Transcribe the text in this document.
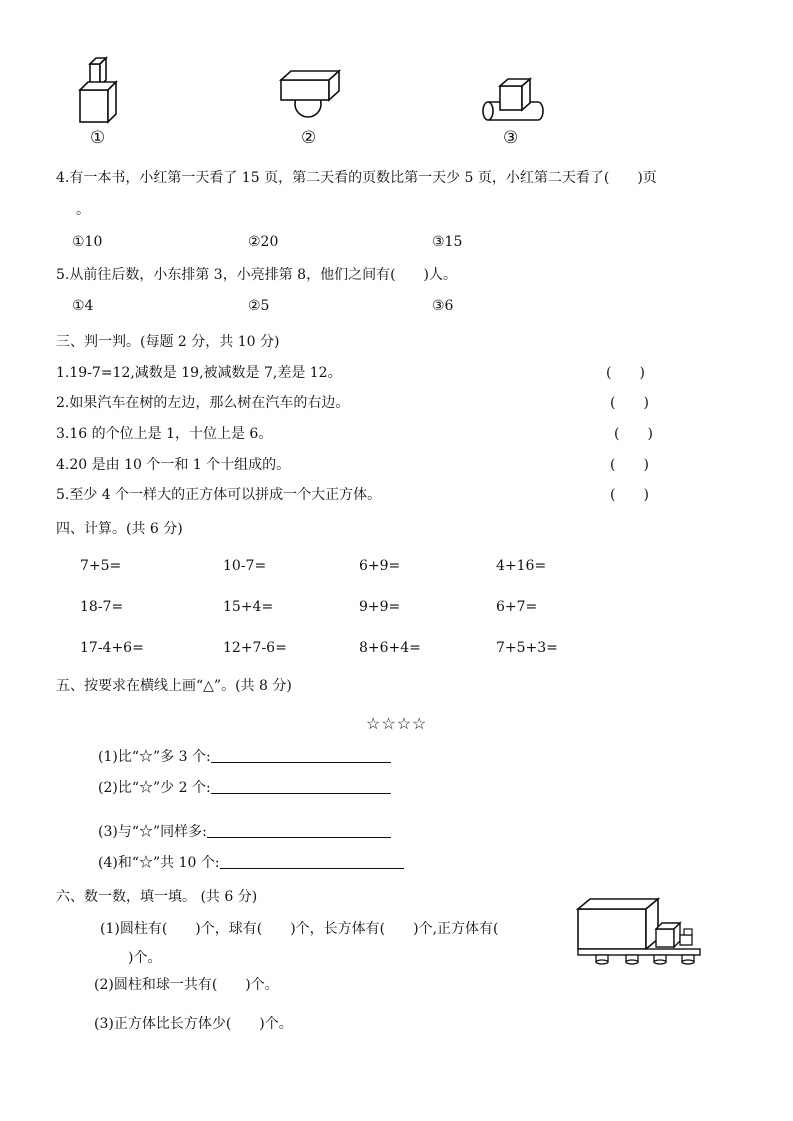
①	②	③
4.有一本书，小红第一天看了 15 页，第二天看的页数比第一天少 5 页，小红第二天看了(　　)页
。
①10	②20	③15
5.从前往后数，小东排第 3，小亮排第 8，他们之间有(　　)人。
①4	②5	③6
三、判一判。(每题 2 分，共 10 分)
1.19-7=12,减数是 19,被减数是 7,差是 12。	(　　)
2.如果汽车在树的左边，那么树在汽车的右边。	(　　)
3.16 的个位上是 1，十位上是 6。	(　　)
4.20 是由 10 个一和 1 个十组成的。	(　　)
5.至少 4 个一样大的正方体可以拼成一个大正方体。	(　　)
四、计算。(共 6 分)
7+5=	10-7=	6+9=	4+16=
18-7=	15+4=	9+9=	6+7=
17-4+6=	12+7-6=	8+6+4=	7+5+3=
五、按要求在横线上画“△”。(共 8 分)
☆☆☆☆
(1)比“☆”多 3 个:
(2)比“☆”少 2 个:
(3)与“☆”同样多:
(4)和“☆”共 10 个:
六、数一数，填一填。 (共 6 分)
(1)圆柱有(　　)个，球有(　　)个，长方体有(　　)个,正方体有(
)个。
(2)圆柱和球一共有(　　)个。
(3)正方体比长方体少(　　)个。
